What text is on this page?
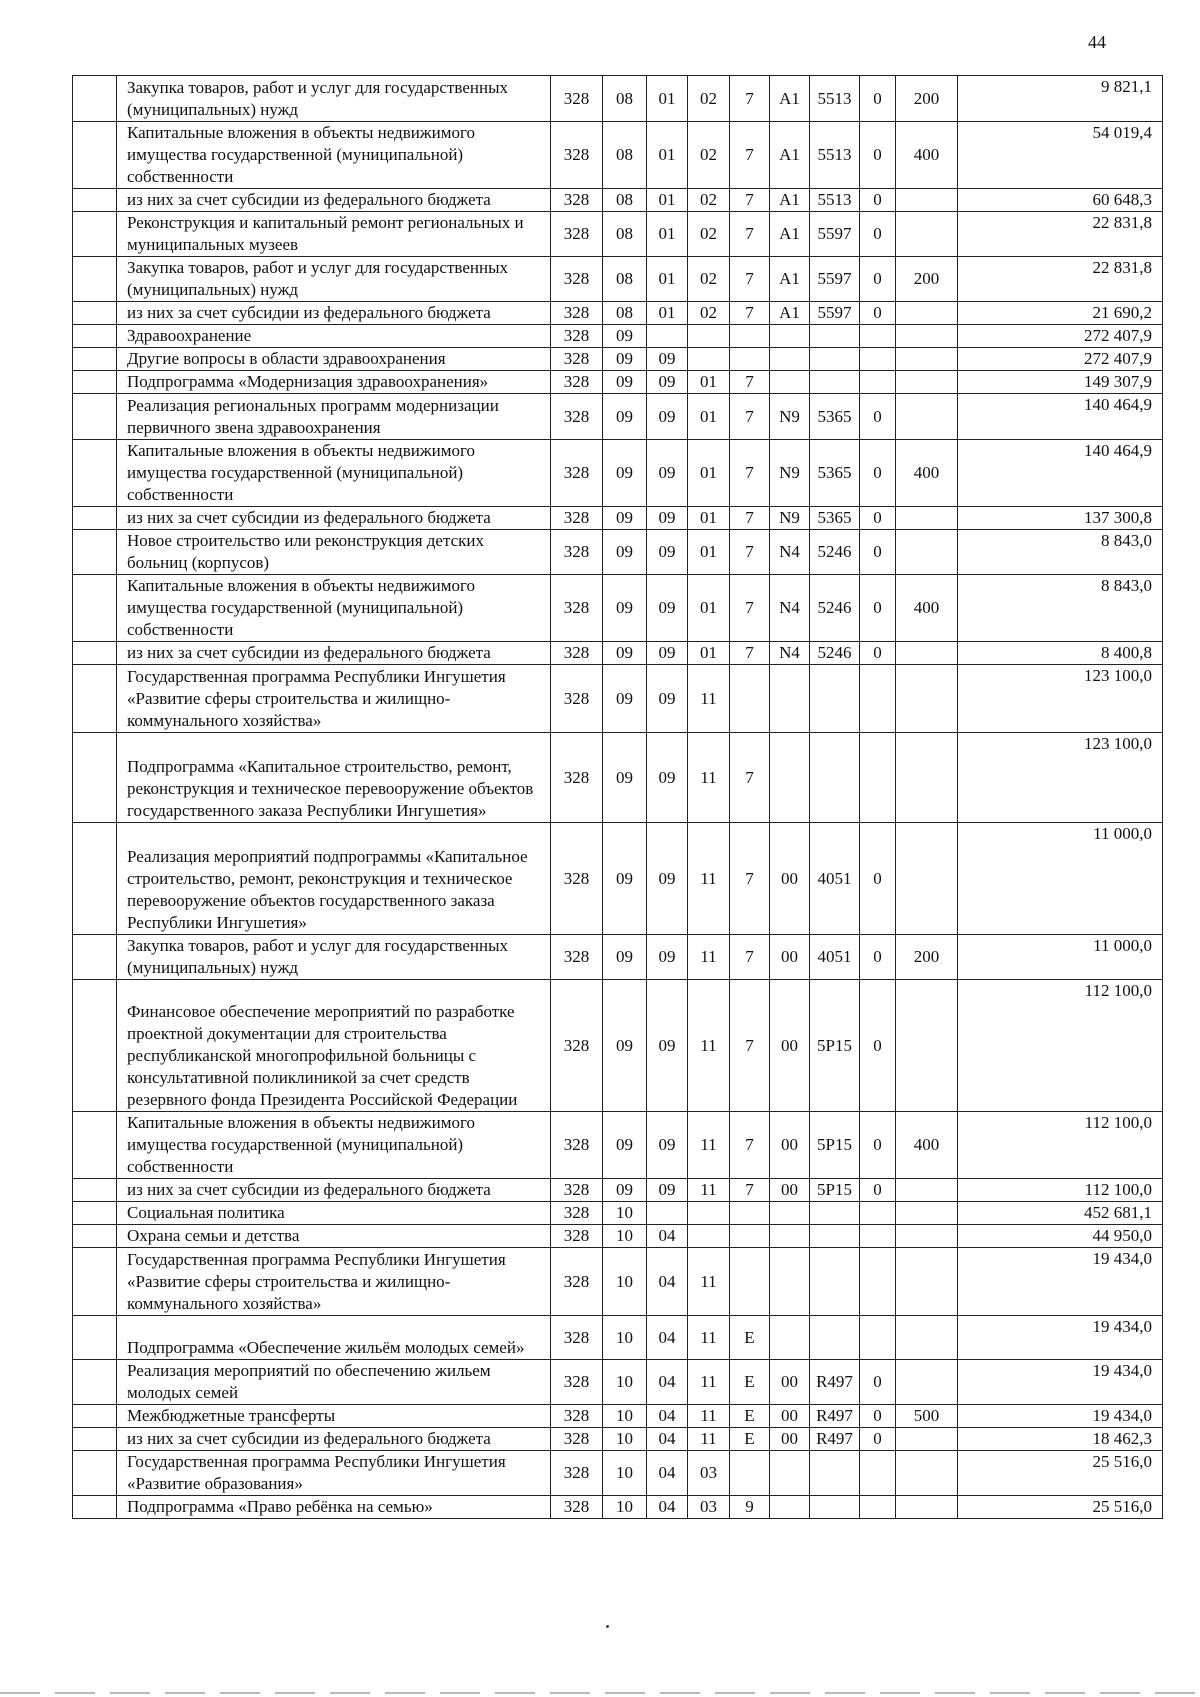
44
	Закупка товаров, работ и услуг для государственных (муниципальных) нужд	328	08	01	02	7	А1	5513	0	200	9 821,1
	Капитальные вложения в объекты недвижимого имущества государственной (муниципальной) собственности	328	08	01	02	7	А1	5513	0	400	54 019,4
	из них за счет субсидии из федерального бюджета	328	08	01	02	7	А1	5513	0		60 648,3
	Реконструкция и капитальный ремонт региональных и муниципальных музеев	328	08	01	02	7	А1	5597	0		22 831,8
	Закупка товаров, работ и услуг для государственных (муниципальных) нужд	328	08	01	02	7	А1	5597	0	200	22 831,8
	из них за счет субсидии из федерального бюджета	328	08	01	02	7	А1	5597	0		21 690,2
	Здравоохранение	328	09								272 407,9
	Другие вопросы в области здравоохранения	328	09	09							272 407,9
	Подпрограмма «Модернизация здравоохранения»	328	09	09	01	7					149 307,9
	Реализация региональных программ модернизации первичного звена здравоохранения	328	09	09	01	7	N9	5365	0		140 464,9
	Капитальные вложения в объекты недвижимого имущества государственной (муниципальной) собственности	328	09	09	01	7	N9	5365	0	400	140 464,9
	из них за счет субсидии из федерального бюджета	328	09	09	01	7	N9	5365	0		137 300,8
	Новое строительство или реконструкция детских больниц (корпусов)	328	09	09	01	7	N4	5246	0		8 843,0
	Капитальные вложения в объекты недвижимого имущества государственной (муниципальной) собственности	328	09	09	01	7	N4	5246	0	400	8 843,0
	из них за счет субсидии из федерального бюджета	328	09	09	01	7	N4	5246	0		8 400,8
	Государственная программа Республики Ингушетия «Развитие сферы строительства и жилищно-коммунального хозяйства»	328	09	09	11						123 100,0
	Подпрограмма «Капитальное строительство, ремонт, реконструкция и техническое перевооружение объектов государственного заказа Республики Ингушетия»	328	09	09	11	7					123 100,0
	Реализация мероприятий подпрограммы «Капитальное строительство, ремонт, реконструкция и техническое перевооружение объектов государственного заказа Республики Ингушетия»	328	09	09	11	7	00	4051	0		11 000,0
	Закупка товаров, работ и услуг для государственных (муниципальных) нужд	328	09	09	11	7	00	4051	0	200	11 000,0
	Финансовое обеспечение мероприятий по разработке проектной документации для строительства республиканской многопрофильной больницы с консультативной поликлиникой за счет средств резервного фонда Президента Российской Федерации	328	09	09	11	7	00	5Р15	0		112 100,0
	Капитальные вложения в объекты недвижимого имущества государственной (муниципальной) собственности	328	09	09	11	7	00	5Р15	0	400	112 100,0
	из них за счет субсидии из федерального бюджета	328	09	09	11	7	00	5Р15	0		112 100,0
	Социальная политика	328	10								452 681,1
	Охрана семьи и детства	328	10	04							44 950,0
	Государственная программа Республики Ингушетия «Развитие сферы строительства и жилищно-коммунального хозяйства»	328	10	04	11						19 434,0
	Подпрограмма «Обеспечение жильём молодых семей»	328	10	04	11	Е					19 434,0
	Реализация мероприятий по обеспечению жильем молодых семей	328	10	04	11	Е	00	R497	0		19 434,0
	Межбюджетные трансферты	328	10	04	11	Е	00	R497	0	500	19 434,0
	из них за счет субсидии из федерального бюджета	328	10	04	11	Е	00	R497	0		18 462,3
	Государственная программа Республики Ингушетия «Развитие образования»	328	10	04	03						25 516,0
	Подпрограмма «Право ребёнка на семью»	328	10	04	03	9					25 516,0
